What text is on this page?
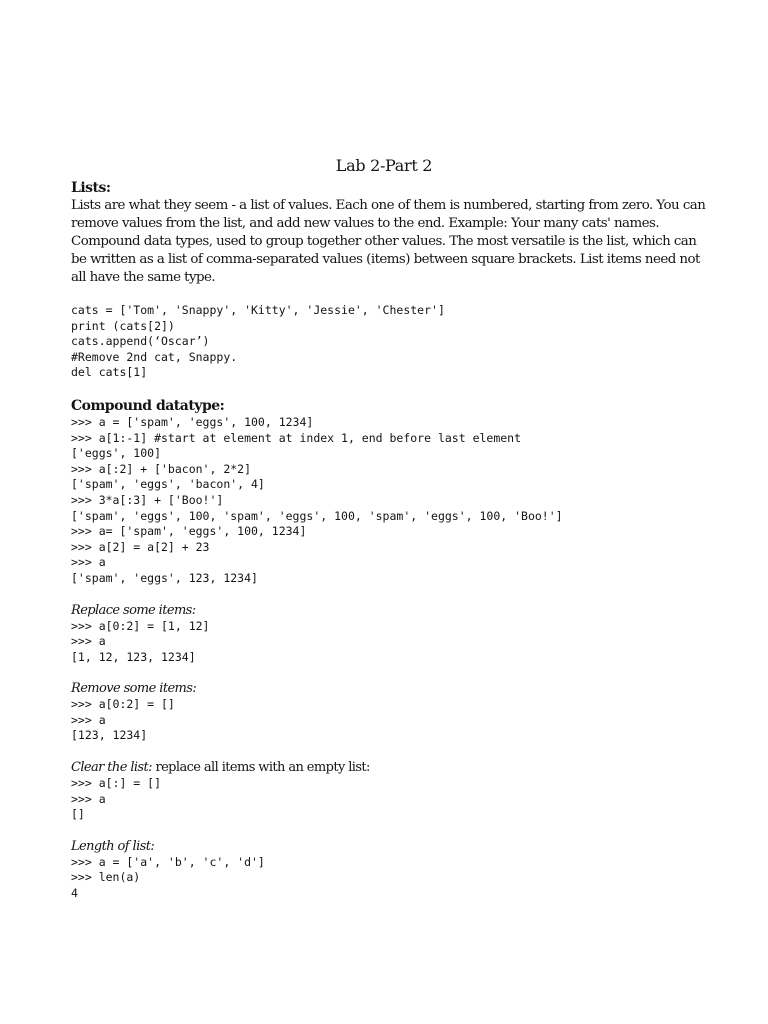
Lab 2-Part 2

Lists:

Lists are what they seem - a list of values. Each one of them is numbered, starting from zero. You can

remove values from the list, and add new values to the end. Example: Your many cats' names.

Compound data types, used to group together other values. The most versatile is the list, which can

be written as a list of comma-separated values (items) between square brackets. List items need not

all have the same type.

cats = ['Tom', 'Snappy', 'Kitty', 'Jessie', 'Chester']

print (cats[2])

cats.append(‘Oscar’)

#Remove 2nd cat, Snappy.

del cats[1]

Compound datatype:

>>> a = ['spam', 'eggs', 100, 1234]

>>> a[1:-1] #start at element at index 1, end before last element

['eggs', 100]

>>> a[:2] + ['bacon', 2*2]

['spam', 'eggs', 'bacon', 4]

>>> 3*a[:3] + ['Boo!']

['spam', 'eggs', 100, 'spam', 'eggs', 100, 'spam', 'eggs', 100, 'Boo!']

>>> a= ['spam', 'eggs', 100, 1234]

>>> a[2] = a[2] + 23

>>> a

['spam', 'eggs', 123, 1234]

Replace some items:

>>> a[0:2] = [1, 12]

>>> a

[1, 12, 123, 1234]

Remove some items:

>>> a[0:2] = []

>>> a

[123, 1234]

Clear the list: replace all items with an empty list:

>>> a[:] = []

>>> a

[]

Length of list:

>>> a = ['a', 'b', 'c', 'd']

>>> len(a)

4
